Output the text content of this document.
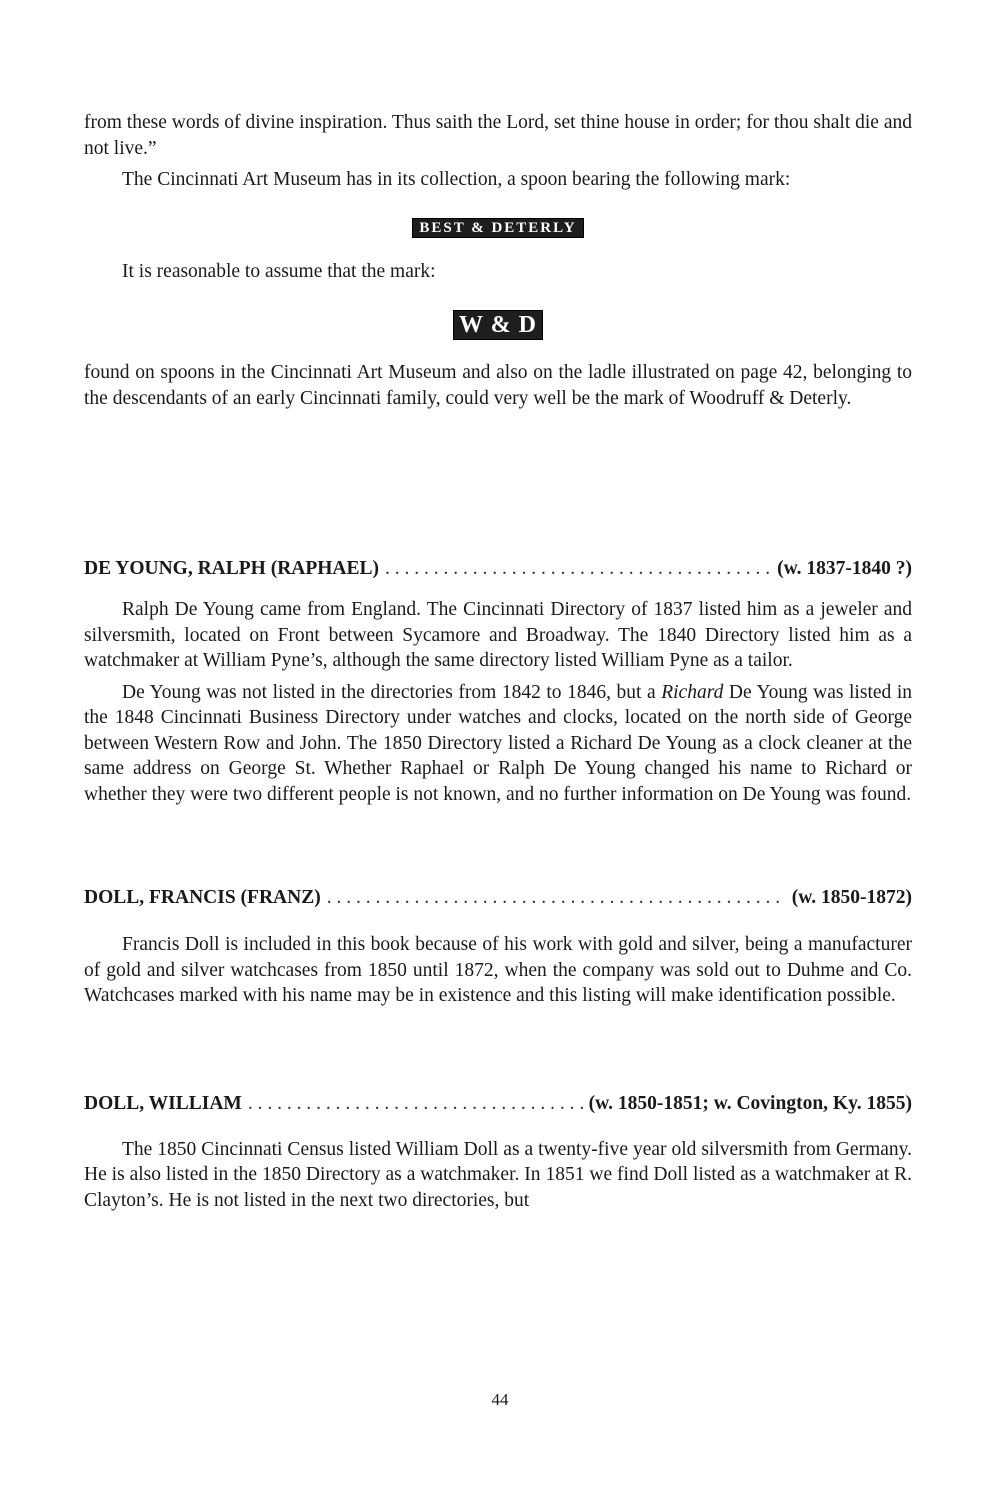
from these words of divine inspiration. Thus saith the Lord, set thine house in order; for thou shalt die and not live.”

The Cincinnati Art Museum has in its collection, a spoon bearing the following mark:

BEST & DETERLY

It is reasonable to assume that the mark:

W & D

found on spoons in the Cincinnati Art Museum and also on the ladle illustrated on page 42, belonging to the descendants of an early Cincinnati family, could very well be the mark of Woodruff & Deterly.

DE YOUNG, RALPH (RAPHAEL) . . .	(w. 1837-1840 ?)

Ralph De Young came from England. The Cincinnati Directory of 1837 listed him as a jeweler and silversmith, located on Front between Sycamore and Broadway. The 1840 Directory listed him as a watchmaker at William Pyne’s, although the same directory listed William Pyne as a tailor.

De Young was not listed in the directories from 1842 to 1846, but a Richard De Young was listed in the 1848 Cincinnati Business Directory under watches and clocks, located on the north side of George between Western Row and John. The 1850 Directory listed a Richard De Young as a clock cleaner at the same address on George St. Whether Raphael or Ralph De Young changed his name to Richard or whether they were two different people is not known, and no further information on De Young was found.

DOLL, FRANCIS (FRANZ) . . .	(w. 1850-1872)

Francis Doll is included in this book because of his work with gold and silver, being a manufacturer of gold and silver watchcases from 1850 until 1872, when the company was sold out to Duhme and Co. Watchcases marked with his name may be in existence and this listing will make identification possible.

DOLL, WILLIAM . . .	(w. 1850-1851; w. Covington, Ky. 1855)

The 1850 Cincinnati Census listed William Doll as a twenty-five year old silversmith from Germany. He is also listed in the 1850 Directory as a watchmaker. In 1851 we find Doll listed as a watchmaker at R. Clayton’s. He is not listed in the next two directories, but

44
